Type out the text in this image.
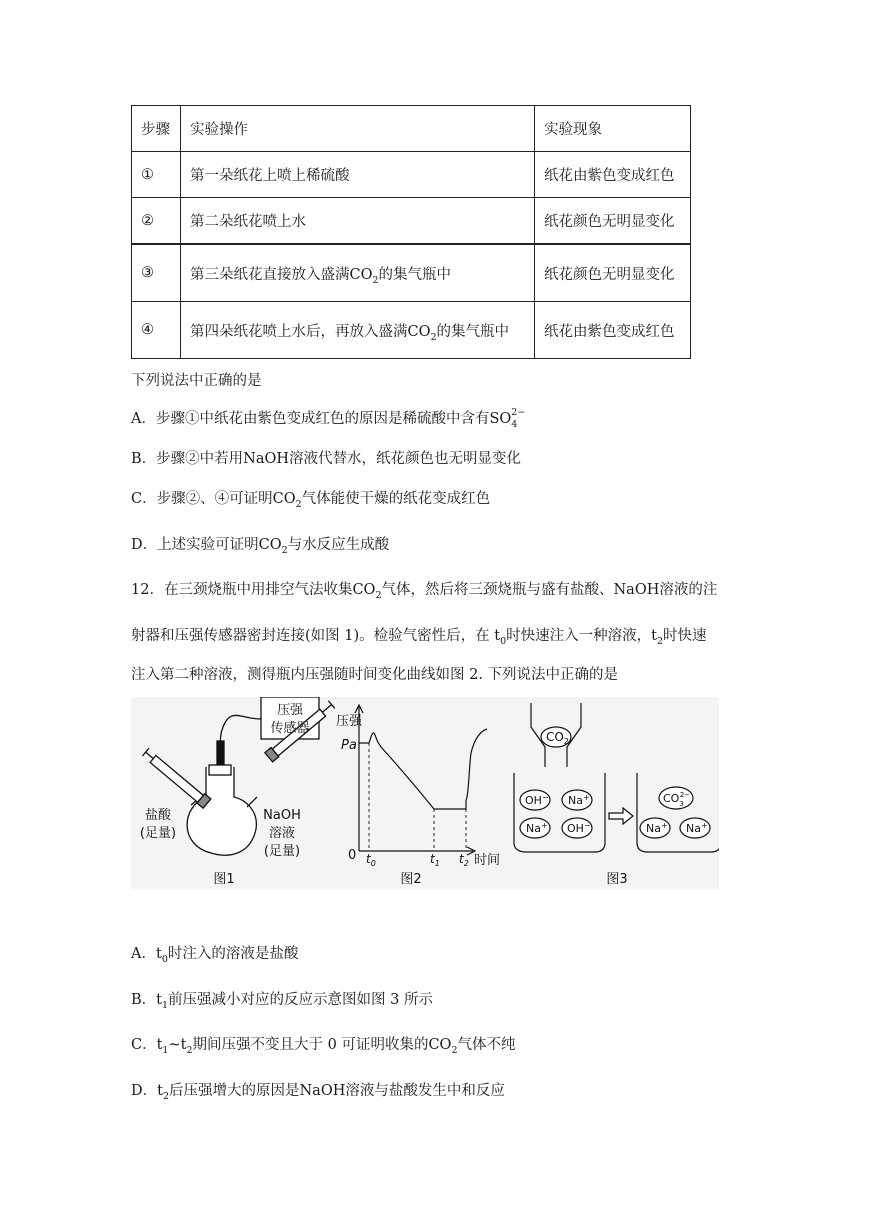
步骤	实验操作	实验现象
①	第一朵纸花上喷上稀硫酸	纸花由紫色变成红色
②	第二朵纸花喷上水	纸花颜色无明显变化
③	第三朵纸花直接放入盛满$CO_2$的集气瓶中	纸花颜色无明显变化
④	第四朵纸花喷上水后，再放入盛满$CO_2$的集气瓶中	纸花由紫色变成红色
下列说法中正确的是
A．步骤①中纸花由紫色变成红色的原因是稀硫酸中含有SO 2−
4
B．步骤②中若用NaOH溶液代替水，纸花颜色也无明显变化
C．步骤②、④可证明$CO_2$气体能使干燥的纸花变成红色
D．上述实验可证明$CO_2$与水反应生成酸
12．在三颈烧瓶中用排空气法收集$CO_2$气体，然后将三颈烧瓶与盛有盐酸、NaOH溶液的注
射器和压强传感器密封连接(如图 1)。检验气密性后，在 $t_0$时快速注入一种溶液，$t_2$时快速
注入第二种溶液，测得瓶内压强随时间变化曲线如图 2. 下列说法中正确的是
压强
传感器
盐酸
(足量)
NaOH
溶液
(足量)
图1
压强
Pa
0 $t_0$	$t_1$ $t_2$ 时间
图2
$CO_2$
OH− Na+
Na+ OH−
$CO_32-$
Na+ Na+
图3
A．$t_0$时注入的溶液是盐酸
B．$t_1$前压强减小对应的反应示意图如图 3 所示
C．$t_1\sim t_2$期间压强不变且大于 0 可证明收集的$CO_2$气体不纯
D．$t_2$后压强增大的原因是NaOH溶液与盐酸发生中和反应
